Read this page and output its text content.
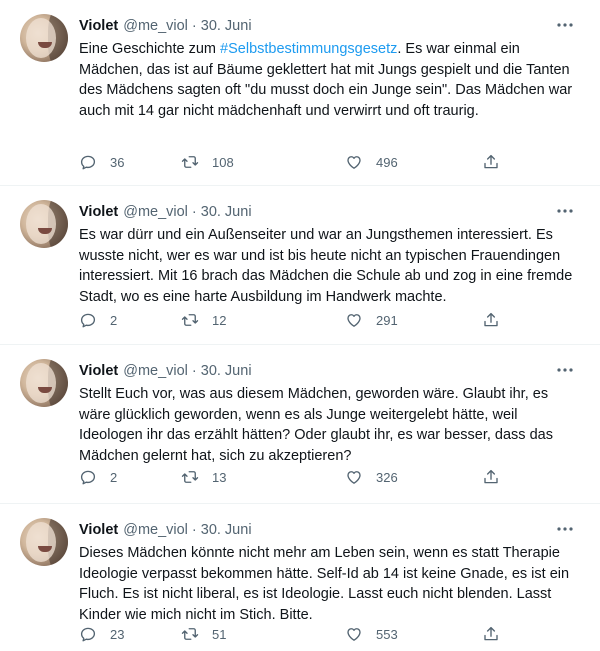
Violet @me_viol · 30. Juni
Eine Geschichte zum #Selbstbestimmungsgesetz. Es war einmal ein Mädchen, das ist auf Bäume geklettert hat mit Jungs gespielt und die Tanten des Mädchens sagten oft "du musst doch ein Junge sein". Das Mädchen war auch mit 14 gar nicht mädchenhaft und verwirrt und oft traurig.
36	108	496
Violet @me_viol · 30. Juni
Es war dürr und ein Außenseiter und war an Jungsthemen interessiert. Es wusste nicht, wer es war und ist bis heute nicht an typischen Frauendingen interessiert. Mit 16 brach das Mädchen die Schule ab und zog in eine fremde Stadt, wo es eine harte Ausbildung im Handwerk machte.
2	12	291
Violet @me_viol · 30. Juni
Stellt Euch vor, was aus diesem Mädchen, geworden wäre. Glaubt ihr, es wäre glücklich geworden, wenn es als Junge weitergelebt hätte, weil Ideologen ihr das erzählt hätten? Oder glaubt ihr, es war besser, dass das Mädchen gelernt hat, sich zu akzeptieren?
2	13	326
Violet @me_viol · 30. Juni
Dieses Mädchen könnte nicht mehr am Leben sein, wenn es statt Therapie Ideologie verpasst bekommen hätte. Self-Id ab 14 ist keine Gnade, es ist ein Fluch. Es ist nicht liberal, es ist Ideologie. Lasst euch nicht blenden. Lasst Kinder wie mich nicht im Stich. Bitte.
23	51	553
